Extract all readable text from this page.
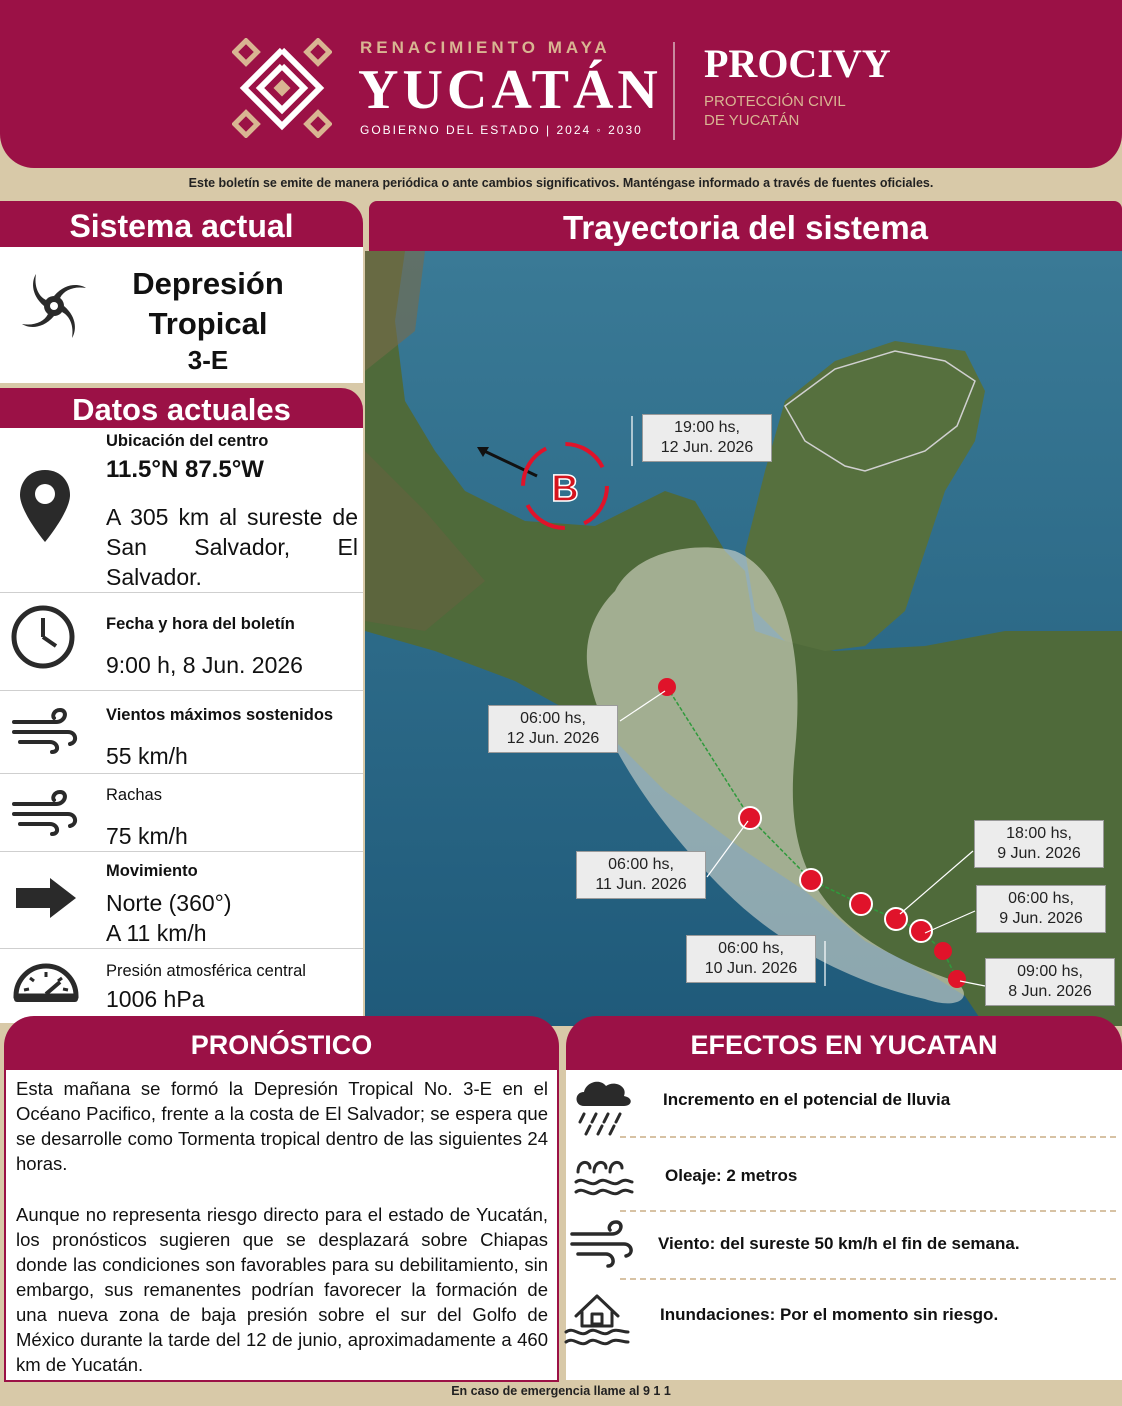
RENACIMIENTO MAYA
YUCATÁN
GOBIERNO DEL ESTADO | 2024 ◦ 2030
PROCIVY
PROTECCIÓN CIVIL
DE YUCATÁN
Este boletín se emite de manera periódica o ante cambios significativos. Manténgase informado a través de fuentes oficiales.
Sistema actual
Depresión
Tropical
3-E
Datos actuales
Ubicación del centro
11.5°N 87.5°W
A 305 km al sureste de San Salvador, El Salvador.
Fecha y hora del boletín
9:00 h, 8 Jun. 2026
Vientos máximos sostenidos
55 km/h
Rachas
75 km/h
Movimiento
Norte (360°)
A 11 km/h
Presión atmosférica central
1006 hPa
Trayectoria del sistema
B
19:00 hs,
12 Jun. 2026
06:00 hs,
12 Jun. 2026
06:00 hs,
11 Jun. 2026
06:00 hs,
10 Jun. 2026
18:00 hs,
9 Jun. 2026
06:00 hs,
9 Jun. 2026
09:00 hs,
8 Jun. 2026
PRONÓSTICO

Esta mañana se formó la Depresión Tropical No. 3-E en el Océano Pacifico, frente a la costa de El Salvador; se espera que se desarrolle como Tormenta tropical dentro de las siguientes 24 horas.

Aunque no representa riesgo directo para el estado de Yucatán, los pronósticos sugieren que se desplazará sobre Chiapas donde las condiciones son favorables para su debilitamiento, sin embargo, sus remanentes podrían favorecer la formación de una nueva zona de baja presión sobre el sur del Golfo de México durante la tarde del 12 de junio, aproximadamente a 460 km de Yucatán.

EFECTOS EN YUCATAN
Incremento en el potencial de lluvia
Oleaje: 2 metros
Viento: del sureste 50 km/h el fin de semana.
Inundaciones: Por el momento sin riesgo.
En caso de emergencia llame al 9 1 1
